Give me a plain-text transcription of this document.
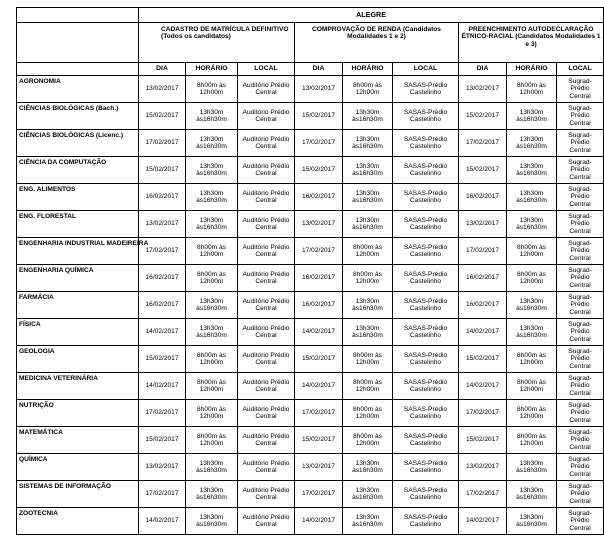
	ALEGRE								
	CADASTRO DE MATRÍCULA DEFINITIVO (Todos os candidatos)			COMPROVAÇÃO DE RENDA (Candidatos Modalidades 1 e 2)			PREENCHIMENTO AUTODECLARAÇÃO ÉTNICO-RACIAL (Candidatos Modalidades 1 e 3)		
	DIA	HORÁRIO	LOCAL	DIA	HORÁRIO	LOCAL	DIA	HORÁRIO	LOCAL
AGRONOMIA	13/02/2017	8h00m às 12h00m	Auditório Prédio Central	13/02/2017	8h00m às 12h00m	SASAS-Prédio Castelinho	13/02/2017	8h00m às 12h00m	Sugrad-Prédio Central
CIÊNCIAS BIOLÓGICAS (Bach.)	15/02/2017	13h30m às16h30m	Auditório Prédio Central	15/02/2017	13h30m às16h30m	SASAS-Prédio Castelinho	15/02/2017	13h30m às16h30m	Sugrad-Prédio Central
CIÊNCIAS BIOLÓGICAS (Licenc.)	17/02/2017	13h30m às16h30m	Auditório Prédio Central	17/02/2017	13h30m às16h30m	SASAS-Prédio Castelinho	17/02/2017	13h30m às16h30m	Sugrad-Prédio Central
CIÊNCIA DA COMPUTAÇÃO	15/02/2017	13h30m às16h30m	Auditório Prédio Central	15/02/2017	13h30m às16h30m	SASAS-Prédio Castelinho	15/02/2017	13h30m às16h30m	Sugrad-Prédio Central
ENG. ALIMENTOS	16/02/2017	13h30m às16h30m	Auditório Prédio Central	16/02/2017	13h30m às16h30m	SASAS-Prédio Castelinho	16/02/2017	13h30m às16h30m	Sugrad-Prédio Central
ENG. FLORESTAL	13/02/2017	13h30m às16h30m	Auditório Prédio Central	13/02/2017	13h30m às16h30m	SASAS-Prédio Castelinho	13/02/2017	13h30m às16h30m	Sugrad-Prédio Central
ENGENHARIA INDUSTRIAL MADEIREIRA	17/02/2017	8h00m às 12h00m	Auditório Prédio Central	17/02/2017	8h00m às 12h00m	SASAS-Prédio Castelinho	17/02/2017	8h00m às 12h00m	Sugrad-Prédio Central
ENGENHARIA QUÍMICA	16/02/2017	8h00m às 12h00m	Auditório Prédio Central	16/02/2017	8h00m às 12h00m	SASAS-Prédio Castelinho	16/02/2017	8h00m às 12h00m	Sugrad-Prédio Central
FARMÁCIA	16/02/2017	13h30m às16h30m	Auditório Prédio Central	16/02/2017	13h30m às16h30m	SASAS-Prédio Castelinho	16/02/2017	13h30m às16h30m	Sugrad-Prédio Central
FÍSICA	14/02/2017	13h30m às16h30m	Auditório Prédio Central	14/02/2017	13h30m às16h30m	SASAS-Prédio Castelinho	14/02/2017	13h30m às16h30m	Sugrad-Prédio Central
GEOLOGIA	15/02/2017	8h00m às 12h00m	Auditório Prédio Central	15/02/2017	8h00m às 12h00m	SASAS-Prédio Castelinho	15/02/2017	8h00m às 12h00m	Sugrad-Prédio Central
MEDICINA VETERINÁRIA	14/02/2017	8h00m às 12h00m	Auditório Prédio Central	14/02/2017	8h00m às 12h00m	SASAS-Prédio Castelinho	14/02/2017	8h00m às 12h00m	Sugrad-Prédio Central
NUTRIÇÃO	17/02/2017	8h00m às 12h00m	Auditório Prédio Central	17/02/2017	8h00m às 12h00m	SASAS-Prédio Castelinho	17/02/2017	8h00m às 12h00m	Sugrad-Prédio Central
MATEMÁTICA	15/02/2017	8h00m às 12h00m	Auditório Prédio Central	15/02/2017	8h00m às 12h00m	SASAS-Prédio Castelinho	15/02/2017	8h00m às 12h00m	Sugrad-Prédio Central
QUÍMICA	13/02/2017	13h30m às16h30m	Auditório Prédio Central	13/02/2017	13h30m às16h30m	SASAS-Prédio Castelinho	13/02/2017	13h30m às16h30m	Sugrad-Prédio Central
SISTEMAS DE INFORMAÇÃO	17/02/2017	13h30m às16h30m	Auditório Prédio Central	17/02/2017	13h30m às16h30m	SASAS-Prédio Castelinho	17/02/2017	13h30m às16h30m	Sugrad-Prédio Central
ZOOTECNIA	14/02/2017	13h30m às16h30m	Auditório Prédio Central	14/02/2017	13h30m às16h30m	SASAS-Prédio Castelinho	14/02/2017	13h30m às16h30m	Sugrad-Prédio Central
